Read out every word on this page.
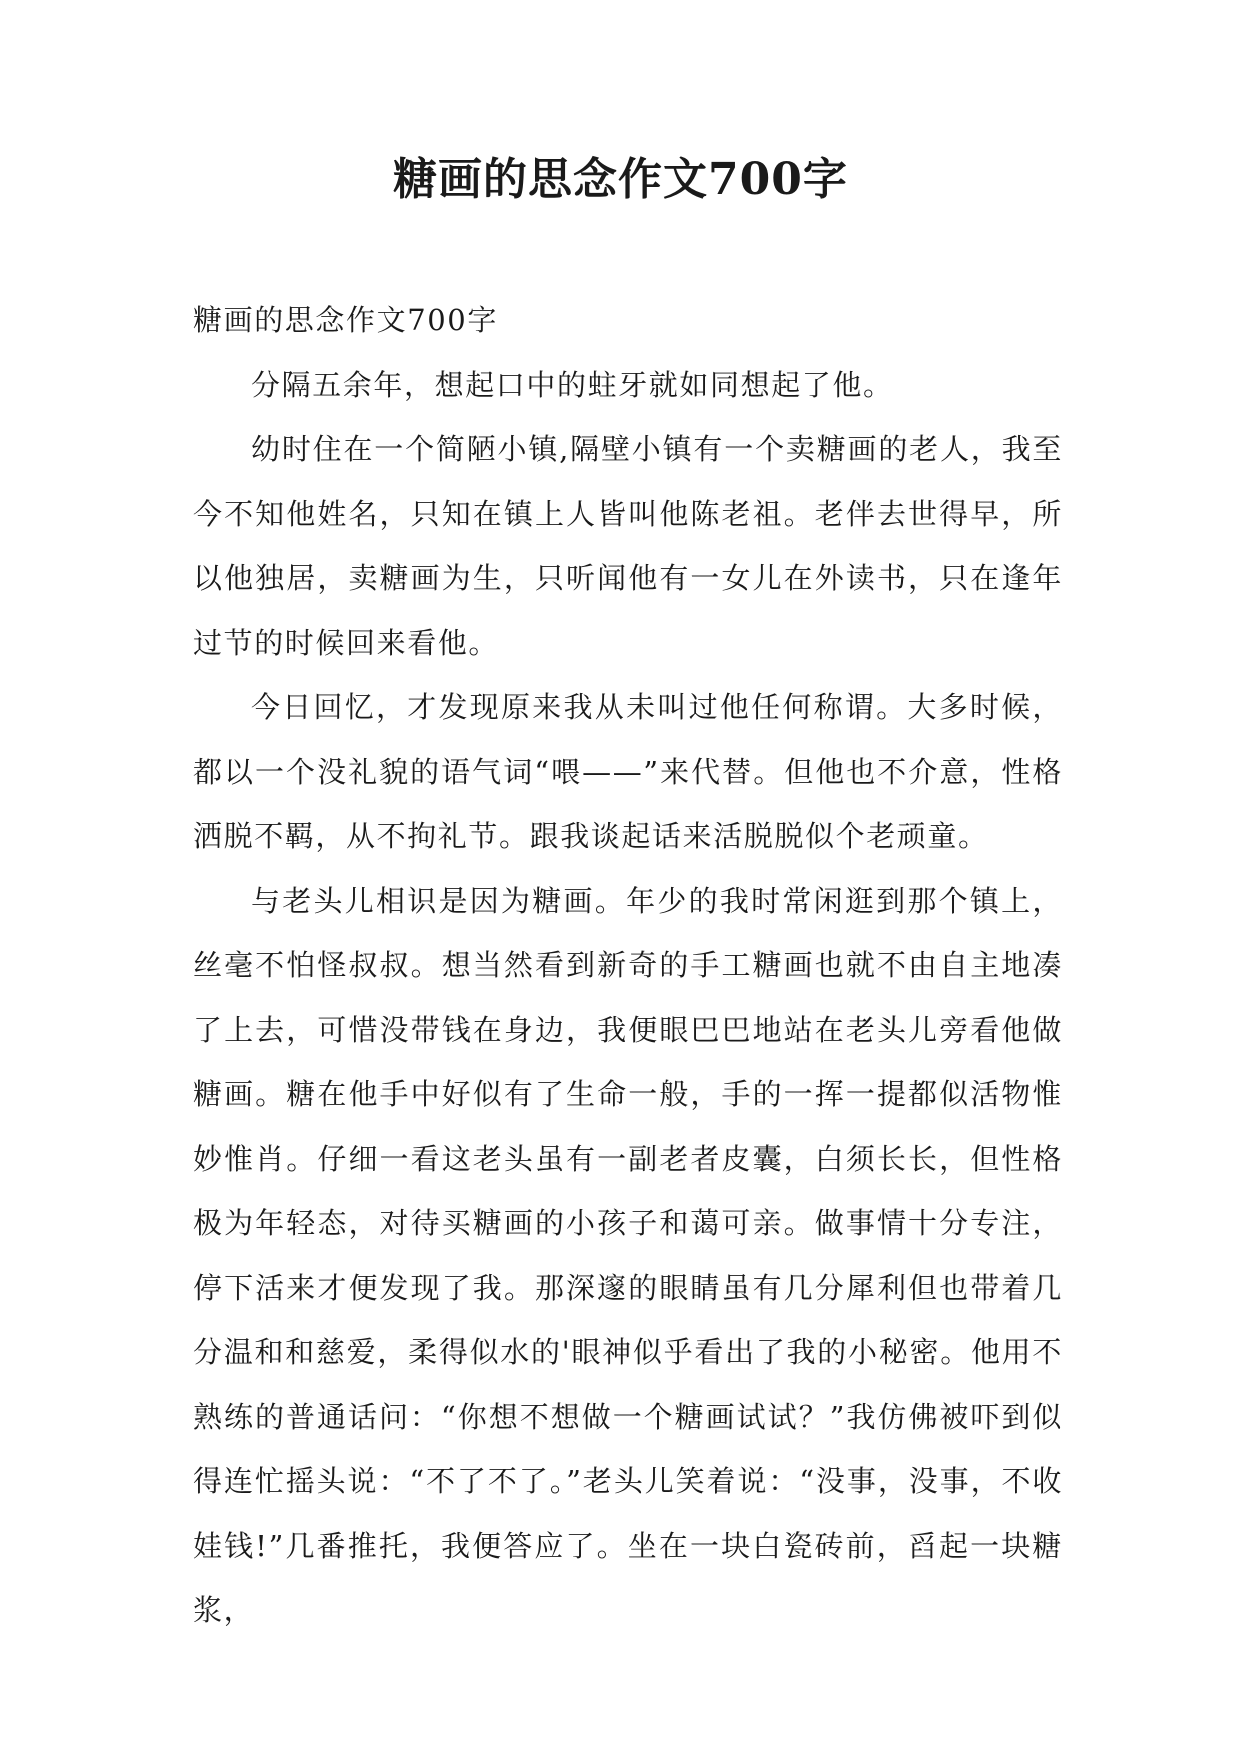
糖画的思念作文700字

糖画的思念作文700字

分隔五余年，想起口中的蛀牙就如同想起了他。

幼时住在一个简陋小镇,隔壁小镇有一个卖糖画的老人，我至今不知他姓名，只知在镇上人皆叫他陈老祖。老伴去世得早，所以他独居，卖糖画为生，只听闻他有一女儿在外读书，只在逢年过节的时候回来看他。

今日回忆，才发现原来我从未叫过他任何称谓。大多时候，都以一个没礼貌的语气词“喂——”来代替。但他也不介意，性格洒脱不羁，从不拘礼节。跟我谈起话来活脱脱似个老顽童。

与老头儿相识是因为糖画。年少的我时常闲逛到那个镇上，丝毫不怕怪叔叔。想当然看到新奇的手工糖画也就不由自主地凑了上去，可惜没带钱在身边，我便眼巴巴地站在老头儿旁看他做糖画。糖在他手中好似有了生命一般，手的一挥一提都似活物惟妙惟肖。仔细一看这老头虽有一副老者皮囊，白须长长，但性格极为年轻态，对待买糖画的小孩子和蔼可亲。做事情十分专注，停下活来才便发现了我。那深邃的眼睛虽有几分犀利但也带着几分温和和慈爱，柔得似水的'眼神似乎看出了我的小秘密。他用不熟练的普通话问：“你想不想做一个糖画试试？”我仿佛被吓到似得连忙摇头说：“不了不了。”老头儿笑着说：“没事，没事，不收娃钱!”几番推托，我便答应了。坐在一块白瓷砖前，舀起一块糖浆，
